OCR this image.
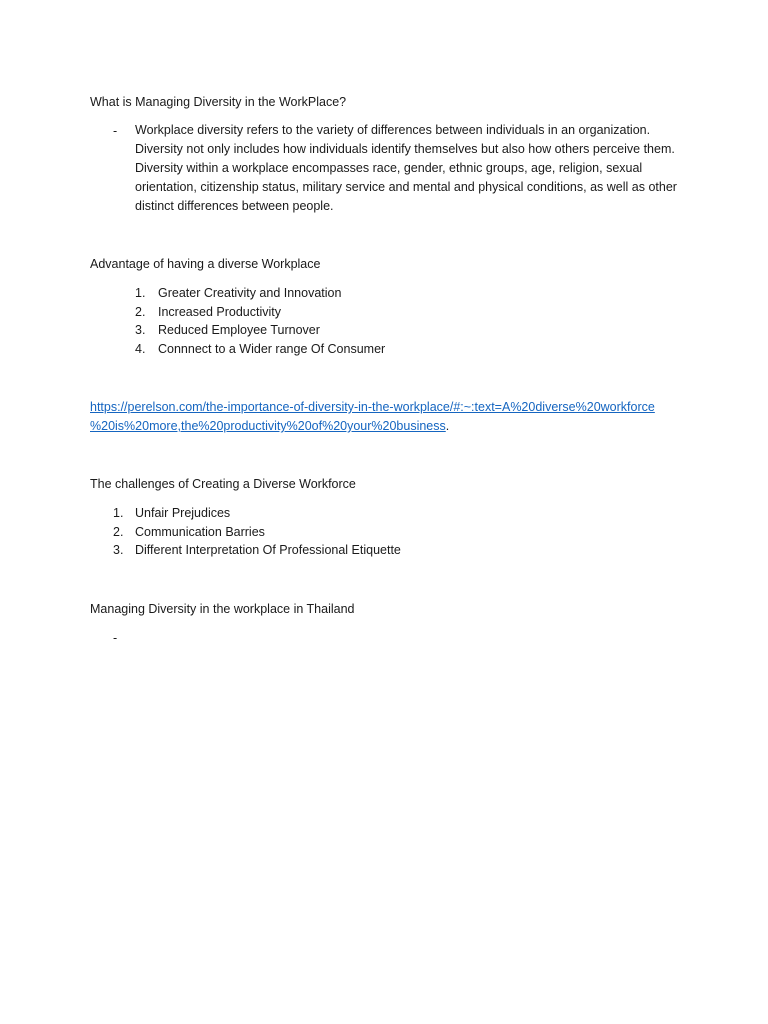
What is Managing Diversity in the WorkPlace?
- Workplace diversity refers to the variety of differences between individuals in an organization. Diversity not only includes how individuals identify themselves but also how others perceive them. Diversity within a workplace encompasses race, gender, ethnic groups, age, religion, sexual orientation, citizenship status, military service and mental and physical conditions, as well as other distinct differences between people.
Advantage of having a diverse Workplace
1. Greater Creativity and Innovation
2. Increased Productivity
3. Reduced Employee Turnover
4. Connnect to a Wider range Of Consumer
https://perelson.com/the-importance-of-diversity-in-the-workplace/#:~:text=A%20diverse%20workforce
%20is%20more,the%20productivity%20of%20your%20business.
The challenges of Creating a Diverse Workforce
1. Unfair Prejudices
2. Communication Barries
3. Different Interpretation Of Professional Etiquette
Managing Diversity in the workplace in Thailand
-
